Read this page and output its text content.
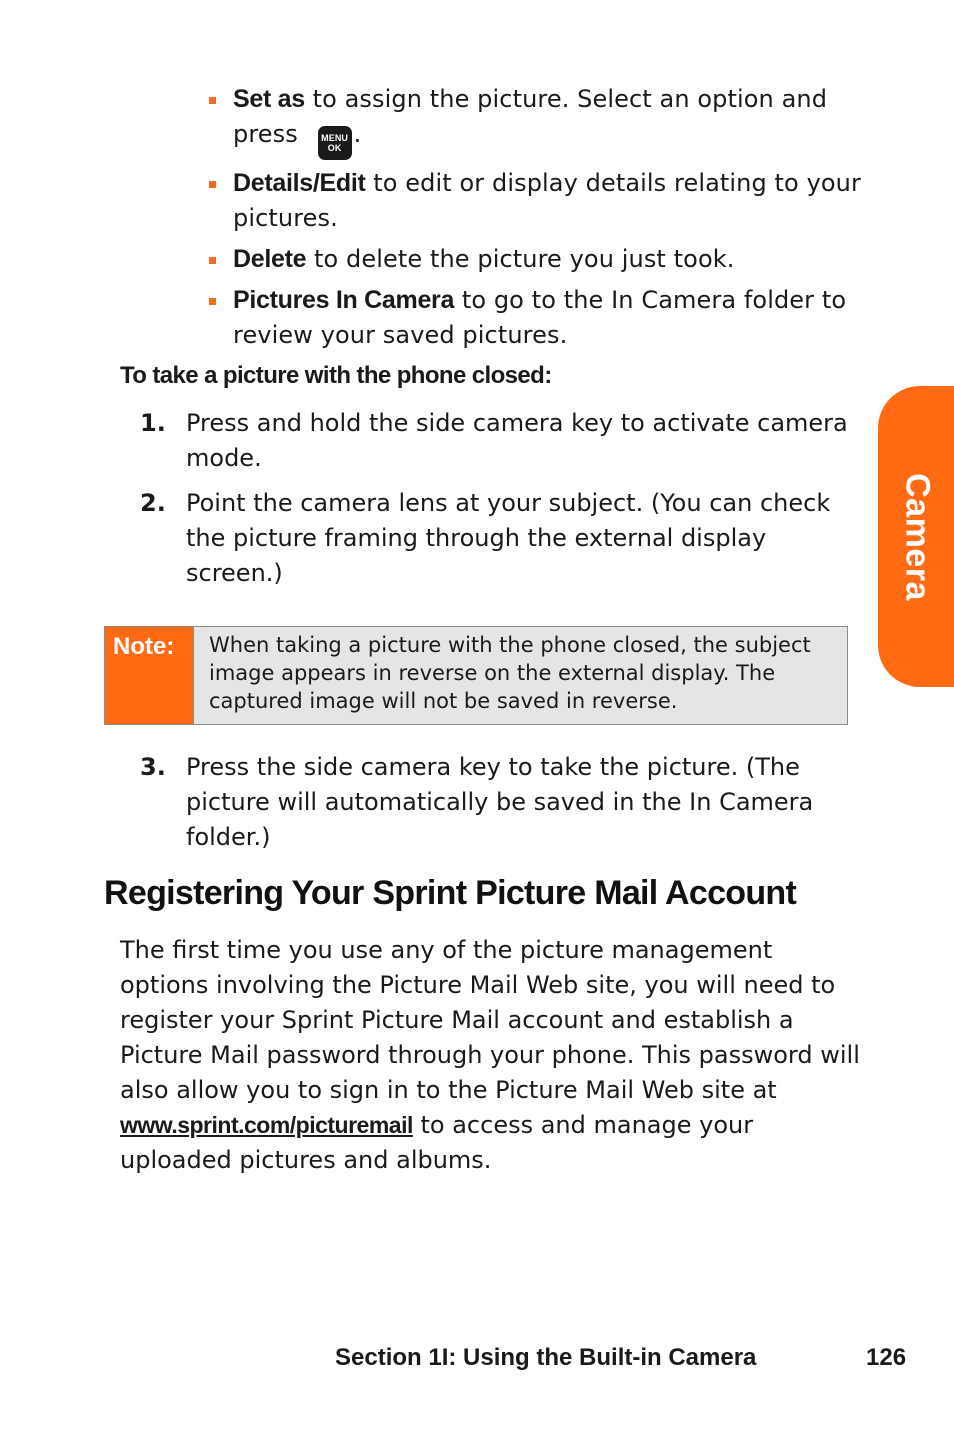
Set as to assign the picture. Select an option and press MENU
OK .
Details/Edit to edit or display details relating to your pictures.
Delete to delete the picture you just took.
Pictures In Camera to go to the In Camera folder to review your saved pictures.
To take a picture with the phone closed:
1. Press and hold the side camera key to activate camera mode.
2. Point the camera lens at your subject. (You can check the picture framing through the external display screen.)
Note:	When taking a picture with the phone closed, the subject image appears in reverse on the external display. The captured image will not be saved in reverse.
3. Press the side camera key to take the picture. (The picture will automatically be saved in the In Camera folder.)
Registering Your Sprint Picture Mail Account

The first time you use any of the picture management options involving the Picture Mail Web site, you will need to register your Sprint Picture Mail account and establish a Picture Mail password through your phone. This password will also allow you to sign in to the Picture Mail Web site at www.sprint.com/picturemail to access and manage your uploaded pictures and albums.

Camera
Section 1I: Using the Built-in Camera	126
